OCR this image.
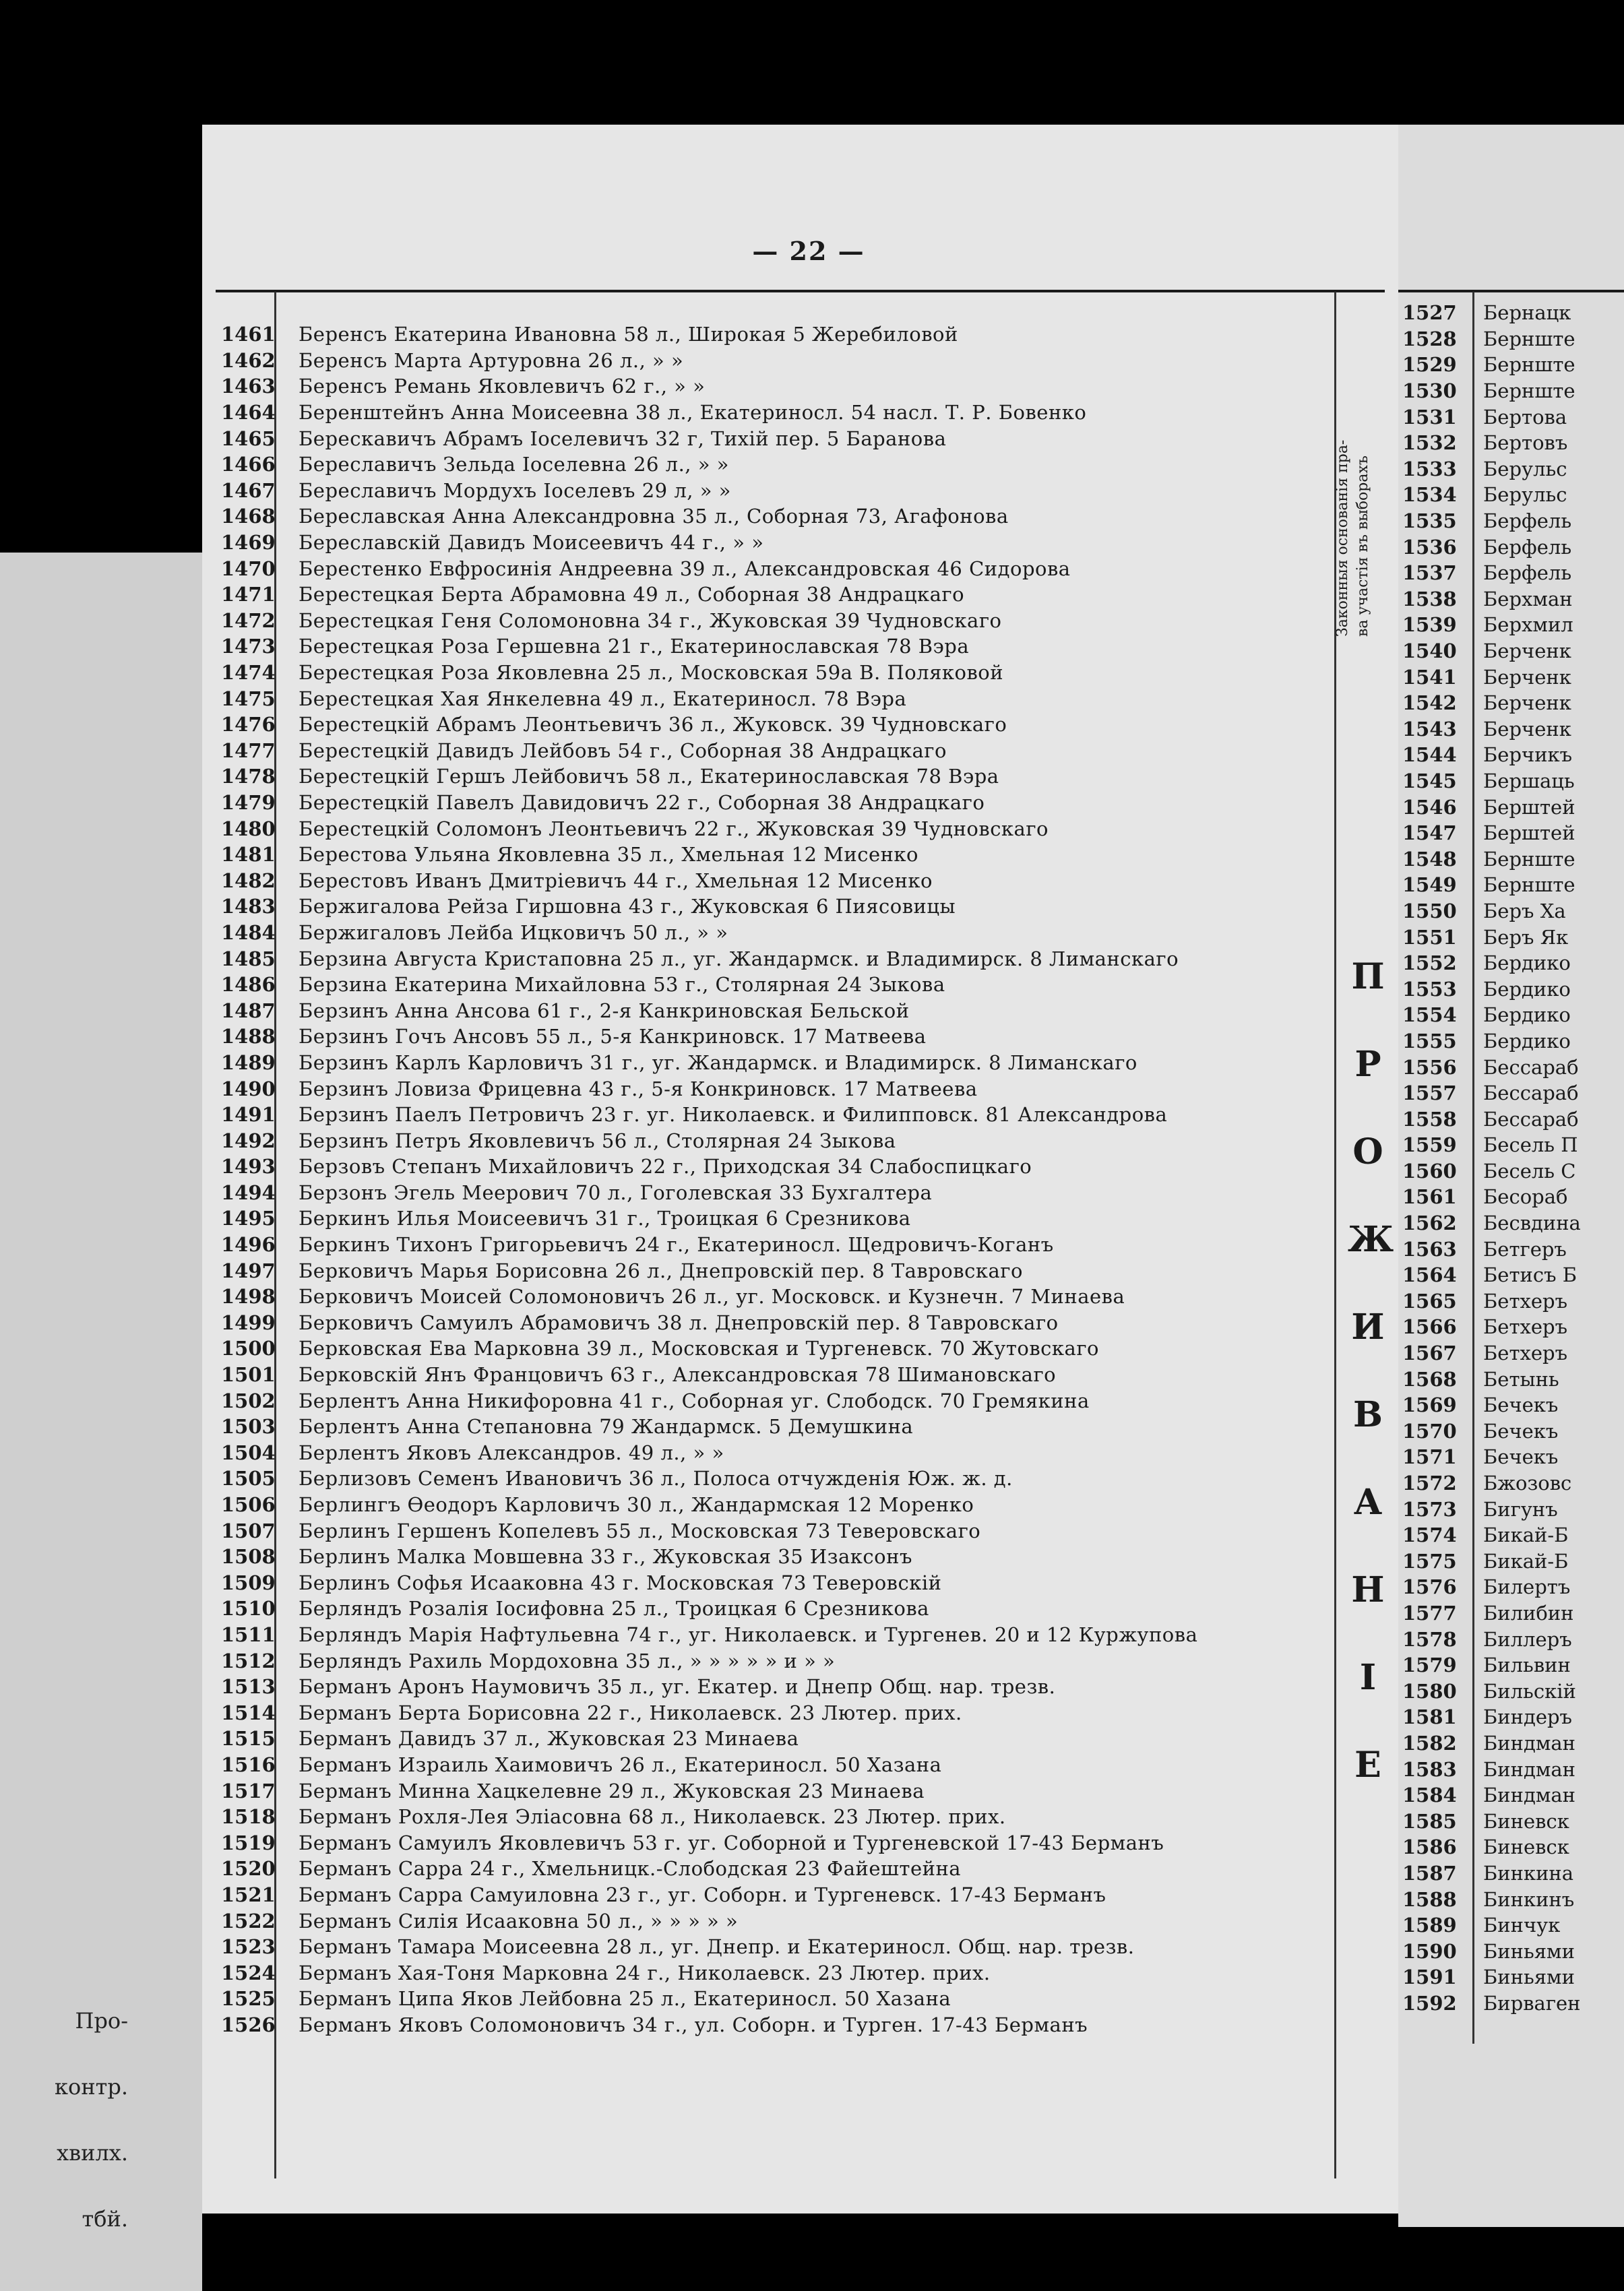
Про-
контр.
хвилх.
тбй.
— 22 —
1461	Беренсъ Екатерина Ивановна 58 л., Широкая 5 Жеребиловой
1462	Беренсъ Марта Артуровна 26 л., » »
1463	Беренсъ Ремань Яковлевичъ 62 г., » »
1464	Беренштейнъ Анна Моисеевна 38 л., Екатериносл. 54 насл. Т. Р. Бовенко
1465	Берескавичъ Абрамъ Іоселевичъ 32 г, Тихій пер. 5 Баранова
1466	Береславичъ Зельда Іоселевна 26 л., » »
1467	Береславичъ Мордухъ Іоселевъ 29 л, » »
1468	Береславская Анна Александровна 35 л., Соборная 73, Агафонова
1469	Береславскій Давидъ Моисеевичъ 44 г., » »
1470	Берестенко Евфросинія Андреевна 39 л., Александровская 46 Сидорова
1471	Берестецкая Берта Абрамовна 49 л., Соборная 38 Андрацкаго
1472	Берестецкая Геня Соломоновна 34 г., Жуковская 39 Чудновскаго
1473	Берестецкая Роза Гершевна 21 г., Екатеринославская 78 Вэра
1474	Берестецкая Роза Яковлевна 25 л., Московская 59а В. Поляковой
1475	Берестецкая Хая Янкелевна 49 л., Екатериносл. 78 Вэра
1476	Берестецкій Абрамъ Леонтьевичъ 36 л., Жуковск. 39 Чудновскаго
1477	Берестецкій Давидъ Лейбовъ 54 г., Соборная 38 Андрацкаго
1478	Берестецкій Гершъ Лейбовичъ 58 л., Екатеринославская 78 Вэра
1479	Берестецкій Павелъ Давидовичъ 22 г., Соборная 38 Андрацкаго
1480	Берестецкій Соломонъ Леонтьевичъ 22 г., Жуковская 39 Чудновскаго
1481	Берестова Ульяна Яковлевна 35 л., Хмельная 12 Мисенко
1482	Берестовъ Иванъ Дмитріевичъ 44 г., Хмельная 12 Мисенко
1483	Бержигалова Рейза Гиршовна 43 г., Жуковская 6 Пиясовицы
1484	Бержигаловъ Лейба Ицковичъ 50 л., » »
1485	Берзина Августа Кристаповна 25 л., уг. Жандармск. и Владимирск. 8 Лиманскаго
1486	Берзина Екатерина Михайловна 53 г., Столярная 24 Зыкова
1487	Берзинъ Анна Ансова 61 г., 2-я Канкриновская Бельской
1488	Берзинъ Гочъ Ансовъ 55 л., 5-я Канкриновск. 17 Матвеева
1489	Берзинъ Карлъ Карловичъ 31 г., уг. Жандармск. и Владимирск. 8 Лиманскаго
1490	Берзинъ Ловиза Фрицевна 43 г., 5-я Конкриновск. 17 Матвеева
1491	Берзинъ Паелъ Петровичъ 23 г. уг. Николаевск. и Филипповск. 81 Александрова
1492	Берзинъ Петръ Яковлевичъ 56 л., Столярная 24 Зыкова
1493	Берзовъ Степанъ Михайловичъ 22 г., Приходская 34 Слабоспицкаго
1494	Берзонъ Эгель Меерович 70 л., Гоголевская 33 Бухгалтера
1495	Беркинъ Илья Моисеевичъ 31 г., Троицкая 6 Срезникова
1496	Беркинъ Тихонъ Григорьевичъ 24 г., Екатериносл. Щедровичъ-Коганъ
1497	Берковичъ Марья Борисовна 26 л., Днепровскій пер. 8 Тавровскаго
1498	Берковичъ Моисей Соломоновичъ 26 л., уг. Московск. и Кузнечн. 7 Минаева
1499	Берковичъ Самуилъ Абрамовичъ 38 л. Днепровскій пер. 8 Тавровскаго
1500	Берковская Ева Марковна 39 л., Московская и Тургеневск. 70 Жутовскаго
1501	Берковскій Янъ Францовичъ 63 г., Александровская 78 Шимановскаго
1502	Берлентъ Анна Никифоровна 41 г., Соборная уг. Слободск. 70 Гремякина
1503	Берлентъ Анна Степановна 79 Жандармск. 5 Демушкина
1504	Берлентъ Яковъ Александров. 49 л., » »
1505	Берлизовъ Семенъ Ивановичъ 36 л., Полоса отчужденія Юж. ж. д.
1506	Берлингъ Өеодоръ Карловичъ 30 л., Жандармская 12 Моренко
1507	Берлинъ Гершенъ Копелевъ 55 л., Московская 73 Теверовскаго
1508	Берлинъ Малка Мовшевна 33 г., Жуковская 35 Изаксонъ
1509	Берлинъ Софья Исааковна 43 г. Московская 73 Теверовскій
1510	Берляндъ Розалія Іосифовна 25 л., Троицкая 6 Срезникова
1511	Берляндъ Марія Нафтульевна 74 г., уг. Николаевск. и Тургенев. 20 и 12 Куржупова
1512	Берляндъ Рахиль Мордоховна 35 л., » » » » » и » »
1513	Берманъ Аронъ Наумовичъ 35 л., уг. Екатер. и Днепр Общ. нар. трезв.
1514	Берманъ Берта Борисовна 22 г., Николаевск. 23 Лютер. прих.
1515	Берманъ Давидъ 37 л., Жуковская 23 Минаева
1516	Берманъ Израиль Хаимовичъ 26 л., Екатериносл. 50 Хазана
1517	Берманъ Минна Хацкелевне 29 л., Жуковская 23 Минаева
1518	Берманъ Рохля-Лея Эліасовна 68 л., Николаевск. 23 Лютер. прих.
1519	Берманъ Самуилъ Яковлевичъ 53 г. уг. Соборной и Тургеневской 17-43 Берманъ
1520	Берманъ Сарра 24 г., Хмельницк.-Слободская 23 Файештейна
1521	Берманъ Сарра Самуиловна 23 г., уг. Соборн. и Тургеневск. 17-43 Берманъ
1522	Берманъ Силія Исааковна 50 л., » » » » »
1523	Берманъ Тамара Моисеевна 28 л., уг. Днепр. и Екатериносл. Общ. нар. трезв.
1524	Берманъ Хая-Тоня Марковна 24 г., Николаевск. 23 Лютер. прих.
1525	Берманъ Ципа Яков Лейбовна 25 л., Екатериносл. 50 Хазана
1526	Берманъ Яковъ Соломоновичъ 34 г., ул. Соборн. и Турген. 17-43 Берманъ
Законныя основанія пра- ва участія въ выборахъ
П
Р
О
Ж
И
В
А
Н
І
Е
1527	Бернацк
1528	Бернште
1529	Бернште
1530	Бернште
1531	Бертова
1532	Бертовъ
1533	Берульс
1534	Берульс
1535	Берфель
1536	Берфель
1537	Берфель
1538	Берхман
1539	Берхмил
1540	Берченк
1541	Берченк
1542	Берченк
1543	Берченк
1544	Берчикъ
1545	Бершаць
1546	Берштей
1547	Берштей
1548	Бернште
1549	Бернште
1550	Беръ Ха
1551	Беръ Як
1552	Бердико
1553	Бердико
1554	Бердико
1555	Бердико
1556	Бессараб
1557	Бессараб
1558	Бессараб
1559	Бесель П
1560	Бесель С
1561	Бесораб
1562	Бесвдина
1563	Бетгеръ
1564	Бетисъ Б
1565	Бетхеръ
1566	Бетхеръ
1567	Бетхеръ
1568	Бетынь
1569	Бечекъ
1570	Бечекъ
1571	Бечекъ
1572	Бжозовс
1573	Бигунъ
1574	Бикай-Б
1575	Бикай-Б
1576	Билертъ
1577	Билибин
1578	Биллеръ
1579	Бильвин
1580	Бильскій
1581	Биндеръ
1582	Биндман
1583	Биндман
1584	Биндман
1585	Биневск
1586	Биневск
1587	Бинкина
1588	Бинкинъ
1589	Бинчук
1590	Биньями
1591	Биньями
1592	Бирваген
